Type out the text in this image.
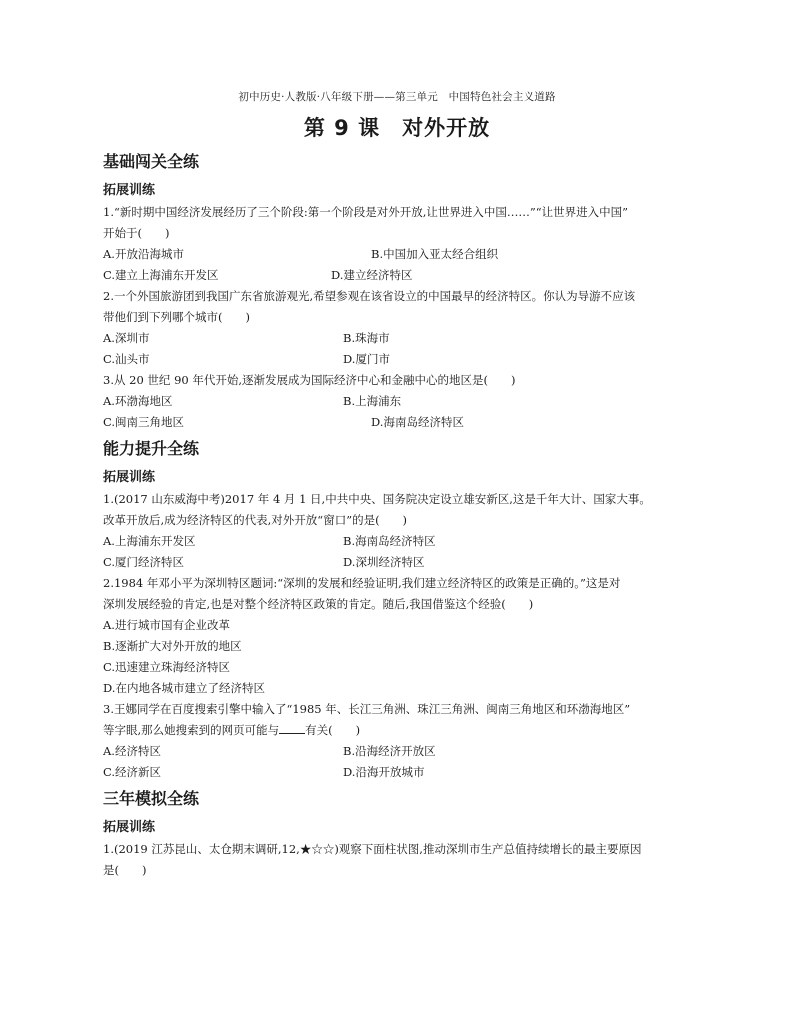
初中历史·人教版·八年级下册——第三单元　中国特色社会主义道路
第 9 课　对外开放
基础闯关全练
拓展训练
1.“新时期中国经济发展经历了三个阶段:第一个阶段是对外开放,让世界进入中国……”“让世界进入中国”
开始于(　　)
A.开放沿海城市	B.中国加入亚太经合组织
C.建立上海浦东开发区	D.建立经济特区
2.一个外国旅游团到我国广东省旅游观光,希望参观在该省设立的中国最早的经济特区。你认为导游不应该
带他们到下列哪个城市(　　)
A.深圳市	B.珠海市
C.汕头市	D.厦门市
3.从 20 世纪 90 年代开始,逐渐发展成为国际经济中心和金融中心的地区是(　　)
A.环渤海地区	B.上海浦东
C.闽南三角地区	D.海南岛经济特区
能力提升全练
拓展训练
1.(2017 山东威海中考)2017 年 4 月 1 日,中共中央、国务院决定设立雄安新区,这是千年大计、国家大事。
改革开放后,成为经济特区的代表,对外开放“窗口”的是(　　)
A.上海浦东开发区	B.海南岛经济特区
C.厦门经济特区	D.深圳经济特区
2.1984 年邓小平为深圳特区题词:“深圳的发展和经验证明,我们建立经济特区的政策是正确的。”这是对
深圳发展经验的肯定,也是对整个经济特区政策的肯定。随后,我国借鉴这个经验(　　)
A.进行城市国有企业改革
B.逐渐扩大对外开放的地区
C.迅速建立珠海经济特区
D.在内地各城市建立了经济特区
3.王娜同学在百度搜索引擎中输入了“1985 年、长江三角洲、珠江三角洲、闽南三角地区和环渤海地区”
等字眼,那么她搜索到的网页可能与 有关(　　)
A.经济特区	B.沿海经济开放区
C.经济新区	D.沿海开放城市
三年模拟全练
拓展训练
1.(2019 江苏昆山、太仓期末调研,12,★☆☆)观察下面柱状图,推动深圳市生产总值持续增长的最主要原因
是(　　)
